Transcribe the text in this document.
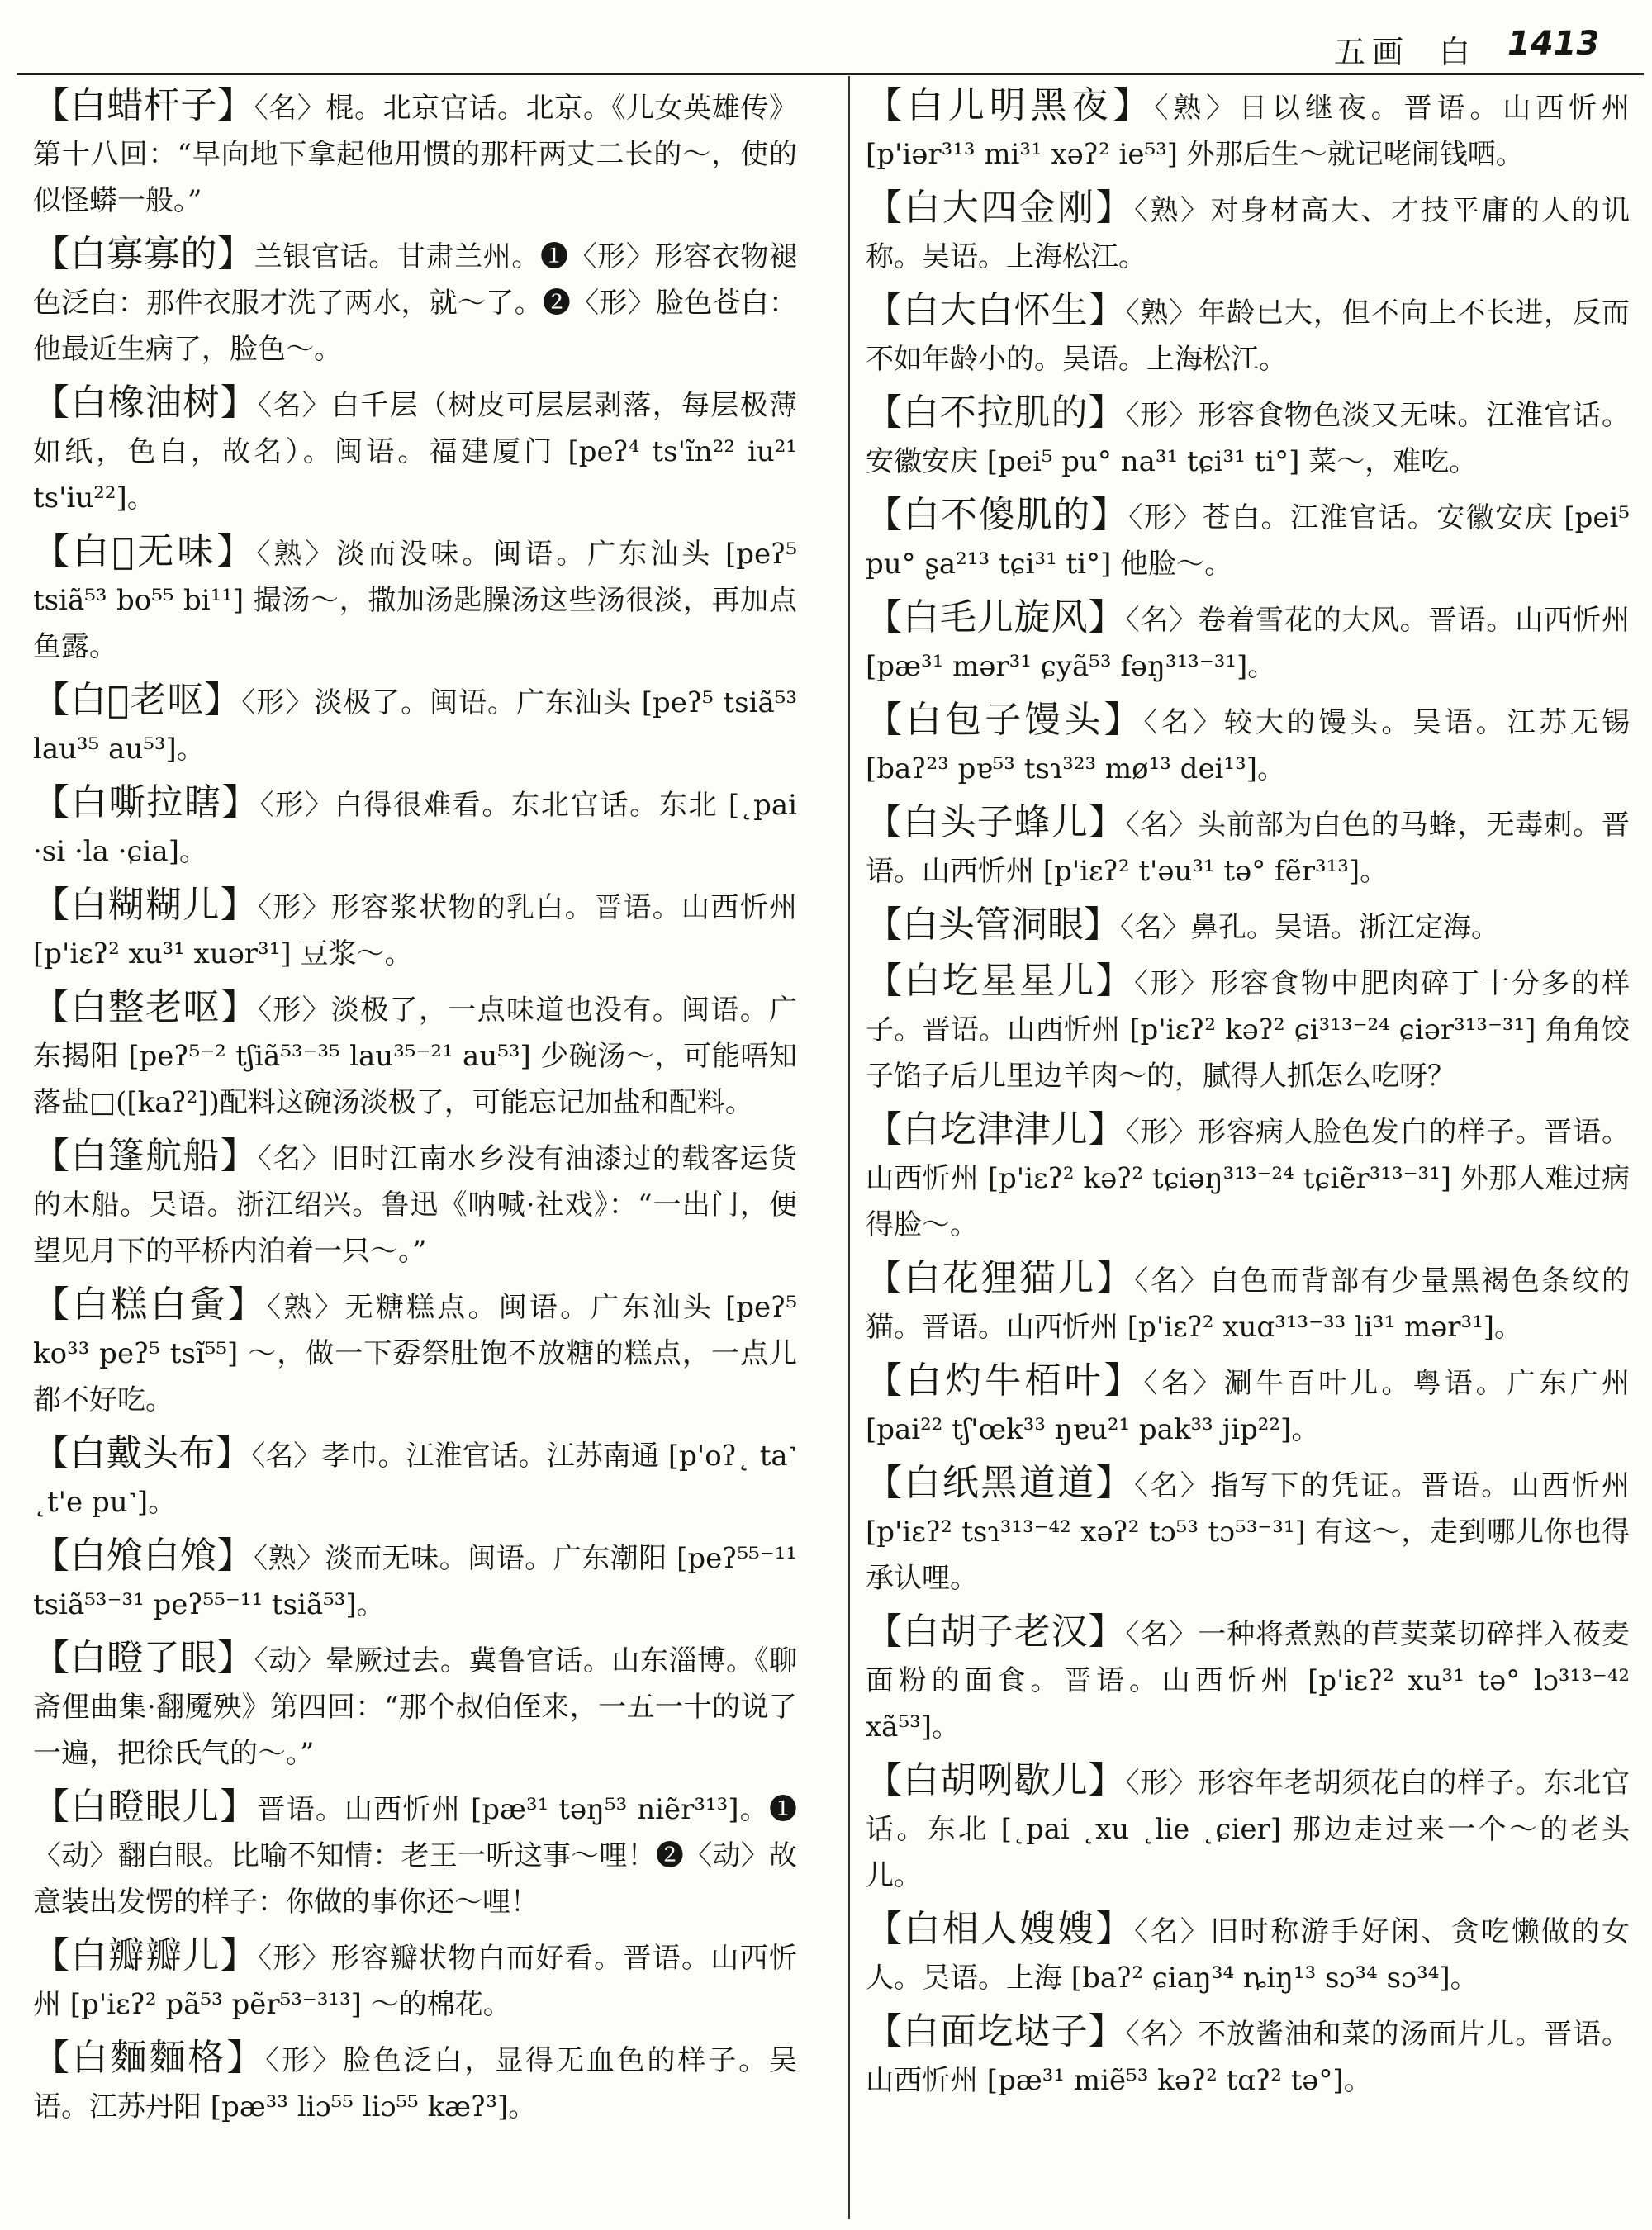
五画 白 1413
【白蜡杆子】〈名〉棍。北京官话。北京。《儿女英雄传》第十八回：“早向地下拿起他用惯的那杆两丈二长的～，使的似怪蟒一般。”
【白寡寡的】兰银官话。甘肃兰州。❶〈形〉形容衣物褪色泛白：那件衣服才洗了两水，就～了。❷〈形〉脸色苍白：他最近生病了，脸色～。
【白橡油树】〈名〉白千层（树皮可层层剥落，每层极薄如纸，色白，故名）。闽语。福建厦门 [peʔ⁴ ts'ĩn²² iu²¹ ts'iu²²]。
【白𪶶无味】〈熟〉淡而没味。闽语。广东汕头 [peʔ⁵ tsiã⁵³ bo⁵⁵ bi¹¹] 撮汤～，撒加汤匙臊汤这些汤很淡，再加点鱼露。
【白𪶶老呕】〈形〉淡极了。闽语。广东汕头 [peʔ⁵ tsiã⁵³ lau³⁵ au⁵³]。
【白嘶拉瞎】〈形〉白得很难看。东北官话。东北 [˛pai ·si ·la ·ɕia]。
【白糊糊儿】〈形〉形容浆状物的乳白。晋语。山西忻州 [p'iɛʔ² xu³¹ xuər³¹] 豆浆～。
【白整老呕】〈形〉淡极了，一点味道也没有。闽语。广东揭阳 [peʔ⁵⁻² tʃiã⁵³⁻³⁵ lau³⁵⁻²¹ au⁵³] 少碗汤～，可能唔知落盐□([kaʔ²])配料这碗汤淡极了，可能忘记加盐和配料。
【白篷航船】〈名〉旧时江南水乡没有油漆过的载客运货的木船。吴语。浙江绍兴。鲁迅《呐喊·社戏》：“一出门，便望见月下的平桥内泊着一只～。”
【白糕白夤】〈熟〉无糖糕点。闽语。广东汕头 [peʔ⁵ ko³³ peʔ⁵ tsĩ⁵⁵] ～，做一下孬祭肚饱不放糖的糕点，一点儿都不好吃。
【白戴头布】〈名〉孝巾。江淮官话。江苏南通 [p'oʔ˛ ta˺ ˛t'e pu˺]。
【白飧白飧】〈熟〉淡而无味。闽语。广东潮阳 [peʔ⁵⁵⁻¹¹ tsiã⁵³⁻³¹ peʔ⁵⁵⁻¹¹ tsiã⁵³]。
【白瞪了眼】〈动〉晕厥过去。冀鲁官话。山东淄博。《聊斋俚曲集·翻魇殃》第四回：“那个叔伯侄来，一五一十的说了一遍，把徐氏气的～。”
【白瞪眼儿】晋语。山西忻州 [pæ³¹ təŋ⁵³ niẽr³¹³]。❶〈动〉翻白眼。比喻不知情：老王一听这事～哩！❷〈动〉故意装出发愣的样子：你做的事你还～哩！
【白瓣瓣儿】〈形〉形容瓣状物白而好看。晋语。山西忻州 [p'iɛʔ² pã⁵³ pẽr⁵³⁻³¹³] ～的棉花。
【白麵麵格】〈形〉脸色泛白，显得无血色的样子。吴语。江苏丹阳 [pæ³³ liɔ⁵⁵ liɔ⁵⁵ kæʔ³]。
【白儿明黑夜】〈熟〉日以继夜。晋语。山西忻州 [p'iər³¹³ mi³¹ xəʔ² ie⁵³] 外那后生～就记咾闹钱哂。
【白大四金刚】〈熟〉对身材高大、才技平庸的人的讥称。吴语。上海松江。
【白大白怀生】〈熟〉年龄已大，但不向上不长进，反而不如年龄小的。吴语。上海松江。
【白不拉肌的】〈形〉形容食物色淡又无味。江淮官话。安徽安庆 [pei⁵ pu° na³¹ tɕi³¹ ti°] 菜～，难吃。
【白不傻肌的】〈形〉苍白。江淮官话。安徽安庆 [pei⁵ pu° ʂa²¹³ tɕi³¹ ti°] 他脸～。
【白毛儿旋风】〈名〉卷着雪花的大风。晋语。山西忻州 [pæ³¹ mər³¹ ɕyã⁵³ fəŋ³¹³⁻³¹]。
【白包子馒头】〈名〉较大的馒头。吴语。江苏无锡 [baʔ²³ pɐ⁵³ tsɿ³²³ mø¹³ dei¹³]。
【白头子蜂儿】〈名〉头前部为白色的马蜂，无毒刺。晋语。山西忻州 [p'iɛʔ² t'əu³¹ tə° fẽr³¹³]。
【白头管洞眼】〈名〉鼻孔。吴语。浙江定海。
【白圪星星儿】〈形〉形容食物中肥肉碎丁十分多的样子。晋语。山西忻州 [p'iɛʔ² kəʔ² ɕi³¹³⁻²⁴ ɕiər³¹³⁻³¹] 角角饺子馅子后儿里边羊肉～的，腻得人抓怎么吃呀？
【白圪津津儿】〈形〉形容病人脸色发白的样子。晋语。山西忻州 [p'iɛʔ² kəʔ² tɕiəŋ³¹³⁻²⁴ tɕiẽr³¹³⁻³¹] 外那人难过病得脸～。
【白花狸猫儿】〈名〉白色而背部有少量黑褐色条纹的猫。晋语。山西忻州 [p'iɛʔ² xuɑ³¹³⁻³³ li³¹ mər³¹]。
【白灼牛栢叶】〈名〉涮牛百叶儿。粤语。广东广州 [pai²² tʃ'œk³³ ŋɐu²¹ pak³³ jip²²]。
【白纸黑道道】〈名〉指写下的凭证。晋语。山西忻州 [p'iɛʔ² tsɿ³¹³⁻⁴² xəʔ² tɔ⁵³ tɔ⁵³⁻³¹] 有这～，走到哪儿你也得承认哩。
【白胡子老汉】〈名〉一种将煮熟的苣荬菜切碎拌入莜麦面粉的面食。晋语。山西忻州 [p'iɛʔ² xu³¹ tə° lɔ³¹³⁻⁴² xã⁵³]。
【白胡咧歇儿】〈形〉形容年老胡须花白的样子。东北官话。东北 [˛pai ˛xu ˛lie ˛ɕier] 那边走过来一个～的老头儿。
【白相人嫂嫂】〈名〉旧时称游手好闲、贪吃懒做的女人。吴语。上海 [baʔ² ɕiaŋ³⁴ ȵiŋ¹³ sɔ³⁴ sɔ³⁴]。
【白面圪垯子】〈名〉不放酱油和菜的汤面片儿。晋语。山西忻州 [pæ³¹ miẽ⁵³ kəʔ² tɑʔ² tə°]。
